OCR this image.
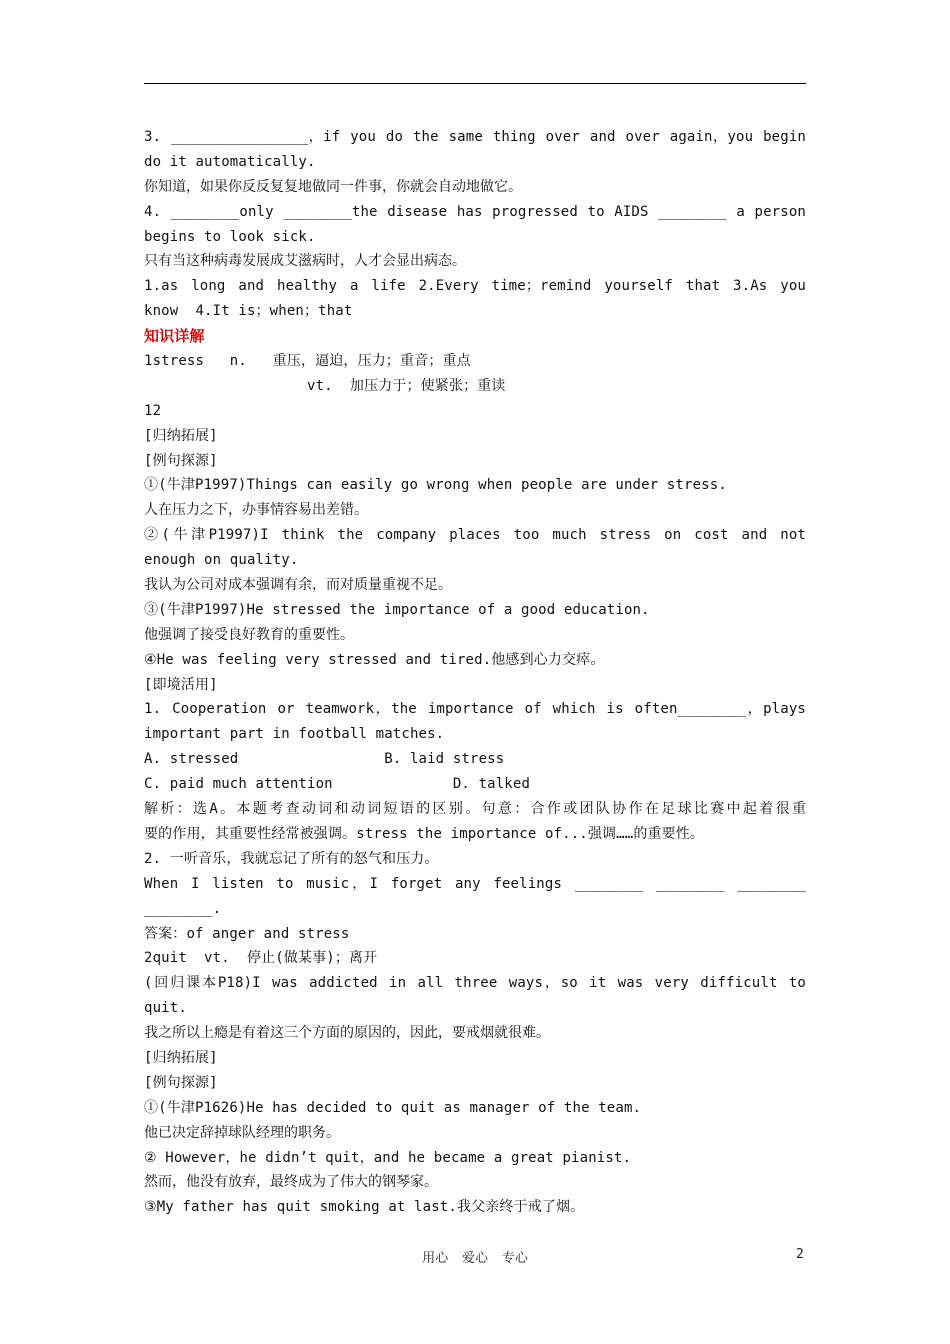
3. ________________，if you do the same thing over and over again，you begin
do it automatically.
你知道，如果你反反复复地做同一件事，你就会自动地做它。
4. ________only ________the disease has progressed to AIDS ________ a person
begins to look sick.
只有当这种病毒发展成艾滋病时，人才会显出病态。
1.as long and healthy a life 2.Every time；remind yourself that 3.As you
know  4.It is；when；that
知识详解
1stress   n.   重压，逼迫，压力；重音；重点
vt.  加压力于；使紧张；重读
12
[归纳拓展]
[例句探源]
①(牛津P1997)Things can easily go wrong when people are under stress.
人在压力之下，办事情容易出差错。
②(牛津P1997)I think the company places too much stress on cost and not
enough on quality.
我认为公司对成本强调有余，而对质量重视不足。
③(牛津P1997)He stressed the importance of a good education.
他强调了接受良好教育的重要性。
④He was feeling very stressed and tired.他感到心力交瘁。
[即境活用]
1. Cooperation or teamwork，the importance of which is often________，plays
important part in football matches.
A. stressed                 B. laid stress
C. paid much attention              D. talked
解析：选A。本题考查动词和动词短语的区别。句意：合作或团队协作在足球比赛中起着很重
要的作用，其重要性经常被强调。stress the importance of...强调……的重要性。
2. 一听音乐，我就忘记了所有的怒气和压力。
When I listen to music，I forget any feelings ________ ________ ________
________.
答案：of anger and stress
2quit  vt.  停止(做某事)；离开
(回归课本P18)I was addicted in all three ways，so it was very difficult to
quit.
我之所以上瘾是有着这三个方面的原因的，因此，要戒烟就很难。
[归纳拓展]
[例句探源]
①(牛津P1626)He has decided to quit as manager of the team.
他已决定辞掉球队经理的职务。
② However，he didn’t quit，and he became a great pianist.
然而，他没有放弃，最终成为了伟大的钢琴家。
③My father has quit smoking at last.我父亲终于戒了烟。
用心 爱心 专心	2
